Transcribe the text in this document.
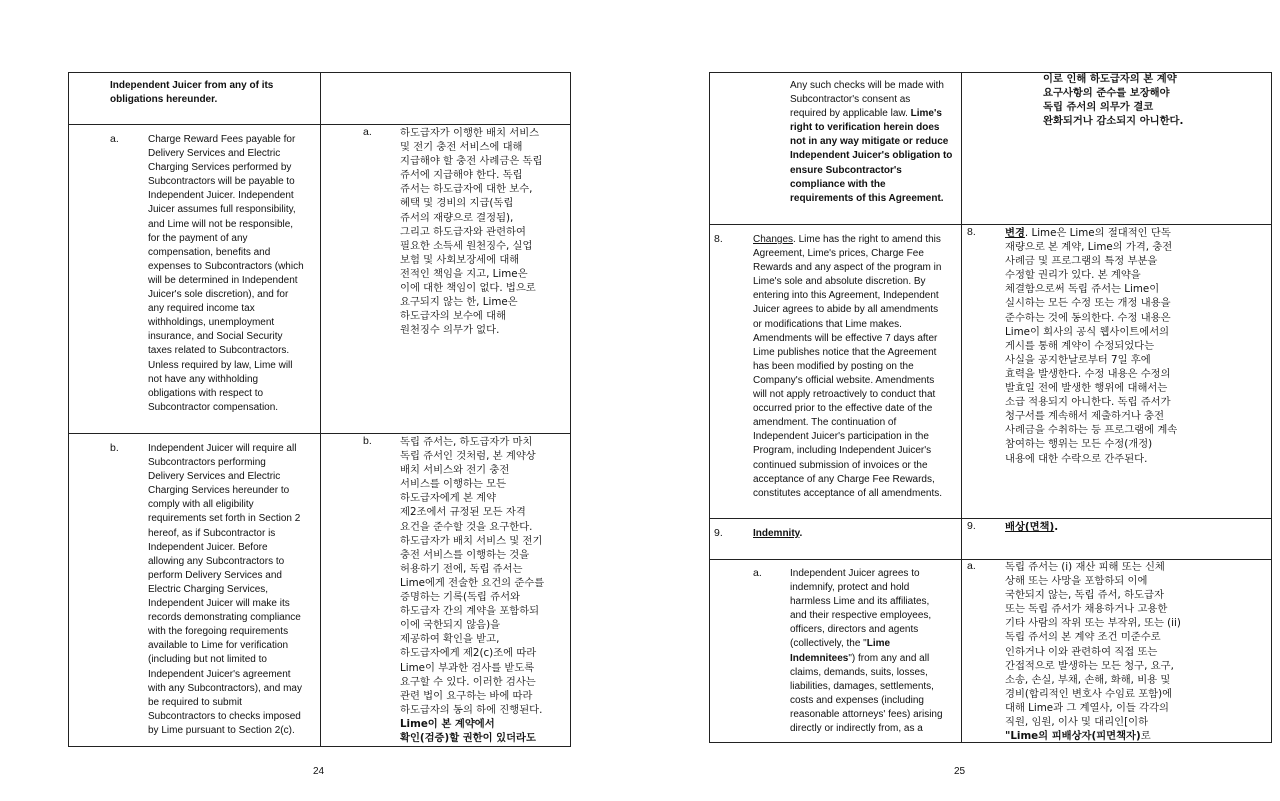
Independent Juicer from any of its
obligations hereunder.

a.	Charge Reward Fees payable for
Delivery Services and Electric
Charging Services performed by
Subcontractors will be payable to
Independent Juicer. Independent
Juicer assumes full responsibility,
and Lime will not be responsible,
for the payment of any
compensation, benefits and
expenses to Subcontractors (which
will be determined in Independent
Juicer's sole discretion), and for
any required income tax
withholdings, unemployment
insurance, and Social Security
taxes related to Subcontractors.
Unless required by law, Lime will
not have any withholding
obligations with respect to
Subcontractor compensation.

a.	하도급자가 이행한 배치 서비스
및 전기 충전 서비스에 대해
지급해야 할 충전 사례금은 독립
쥬서에 지급해야 한다. 독립
쥬서는 하도급자에 대한 보수,
혜택 및 경비의 지급(독립
쥬서의 재량으로 결정됨),
그리고 하도급자와 관련하여
필요한 소득세 원천징수, 실업
보험 및 사회보장세에 대해
전적인 책임을 지고, Lime은
이에 대한 책임이 없다. 법으로
요구되지 않는 한, Lime은
하도급자의 보수에 대해
원천징수 의무가 없다.

b.	Independent Juicer will require all
Subcontractors performing
Delivery Services and Electric
Charging Services hereunder to
comply with all eligibility
requirements set forth in Section 2
hereof, as if Subcontractor is
Independent Juicer. Before
allowing any Subcontractors to
perform Delivery Services and
Electric Charging Services,
Independent Juicer will make its
records demonstrating compliance
with the foregoing requirements
available to Lime for verification
(including but not limited to
Independent Juicer's agreement
with any Subcontractors), and may
be required to submit
Subcontractors to checks imposed
by Lime pursuant to Section 2(c).

b.	독립 쥬서는, 하도급자가 마치
독립 쥬서인 것처럼, 본 계약상
배치 서비스와 전기 충전
서비스를 이행하는 모든
하도급자에게 본 계약
제2조에서 규정된 모든 자격
요건을 준수할 것을 요구한다.
하도급자가 배치 서비스 및 전기
충전 서비스를 이행하는 것을
허용하기 전에, 독립 쥬서는
Lime에게 전술한 요건의 준수를
증명하는 기록(독립 쥬서와
하도급자 간의 계약을 포함하되
이에 국한되지 않음)을
제공하여 확인을 받고,
하도급자에게 제2(c)조에 따라
Lime이 부과한 검사를 받도록
요구할 수 있다. 이러한 검사는
관련 법이 요구하는 바에 따라
하도급자의 동의 하에 진행된다.

Lime이 본 계약에서
확인(검증)할 권한이 있더라도

24

Any such checks will be made with
Subcontractor's consent as
required by applicable law. Lime's

right to verification herein does
not in any way mitigate or reduce
Independent Juicer's obligation to
ensure Subcontractor's
compliance with the
requirements of this Agreement.

이로 인해 하도급자의 본 계약
요구사항의 준수를 보장해야
독립 쥬서의 의무가 결코
완화되거나 감소되지 아니한다.

8.	Changes. Lime has the right to amend this
Agreement, Lime's prices, Charge Fee
Rewards and any aspect of the program in
Lime's sole and absolute discretion. By
entering into this Agreement, Independent
Juicer agrees to abide by all amendments
or modifications that Lime makes.
Amendments will be effective 7 days after
Lime publishes notice that the Agreement
has been modified by posting on the
Company's official website. Amendments
will not apply retroactively to conduct that
occurred prior to the effective date of the
amendment. The continuation of
Independent Juicer's participation in the
Program, including Independent Juicer's
continued submission of invoices or the
acceptance of any Charge Fee Rewards,
constitutes acceptance of all amendments.

8.	변경. Lime은 Lime의 절대적인 단독
재량으로 본 계약, Lime의 가격, 충전
사례금 및 프로그램의 특정 부분을
수정할 권리가 있다. 본 계약을
체결함으로써 독립 쥬서는 Lime이
실시하는 모든 수정 또는 개정 내용을
준수하는 것에 동의한다. 수정 내용은
Lime이 회사의 공식 웹사이트에서의
게시를 통해 계약이 수정되었다는
사실을 공지한날로부터 7일 후에
효력을 발생한다. 수정 내용은 수정의
발효일 전에 발생한 행위에 대해서는
소급 적용되지 아니한다. 독립 쥬서가
청구서를 계속해서 제출하거나 충전
사례금을 수취하는 등 프로그램에 계속
참여하는 행위는 모든 수정(개정)
내용에 대한 수락으로 간주된다.

9.	Indemnity.
9.	배상(면책).
a.	Independent Juicer agrees to
indemnify, protect and hold
harmless Lime and its affiliates,
and their respective employees,
officers, directors and agents
(collectively, the "Lime
Indemnitees") from any and all
claims, demands, suits, losses,
liabilities, damages, settlements,
costs and expenses (including
reasonable attorneys' fees) arising
directly or indirectly from, as a

a.	독립 쥬서는 (i) 재산 피해 또는 신체
상해 또는 사망을 포함하되 이에
국한되지 않는, 독립 쥬서, 하도급자
또는 독립 쥬서가 채용하거나 고용한
기타 사람의 작위 또는 부작위, 또는 (ii)
독립 쥬서의 본 계약 조건 미준수로
인하거나 이와 관련하여 직접 또는
간접적으로 발생하는 모든 청구, 요구,
소송, 손실, 부채, 손해, 화해, 비용 및
경비(합리적인 변호사 수임료 포함)에
대해 Lime과 그 계열사, 이들 각각의
직원, 임원, 이사 및 대리인[이하
"Lime의 피배상자(피면책자)로

25
